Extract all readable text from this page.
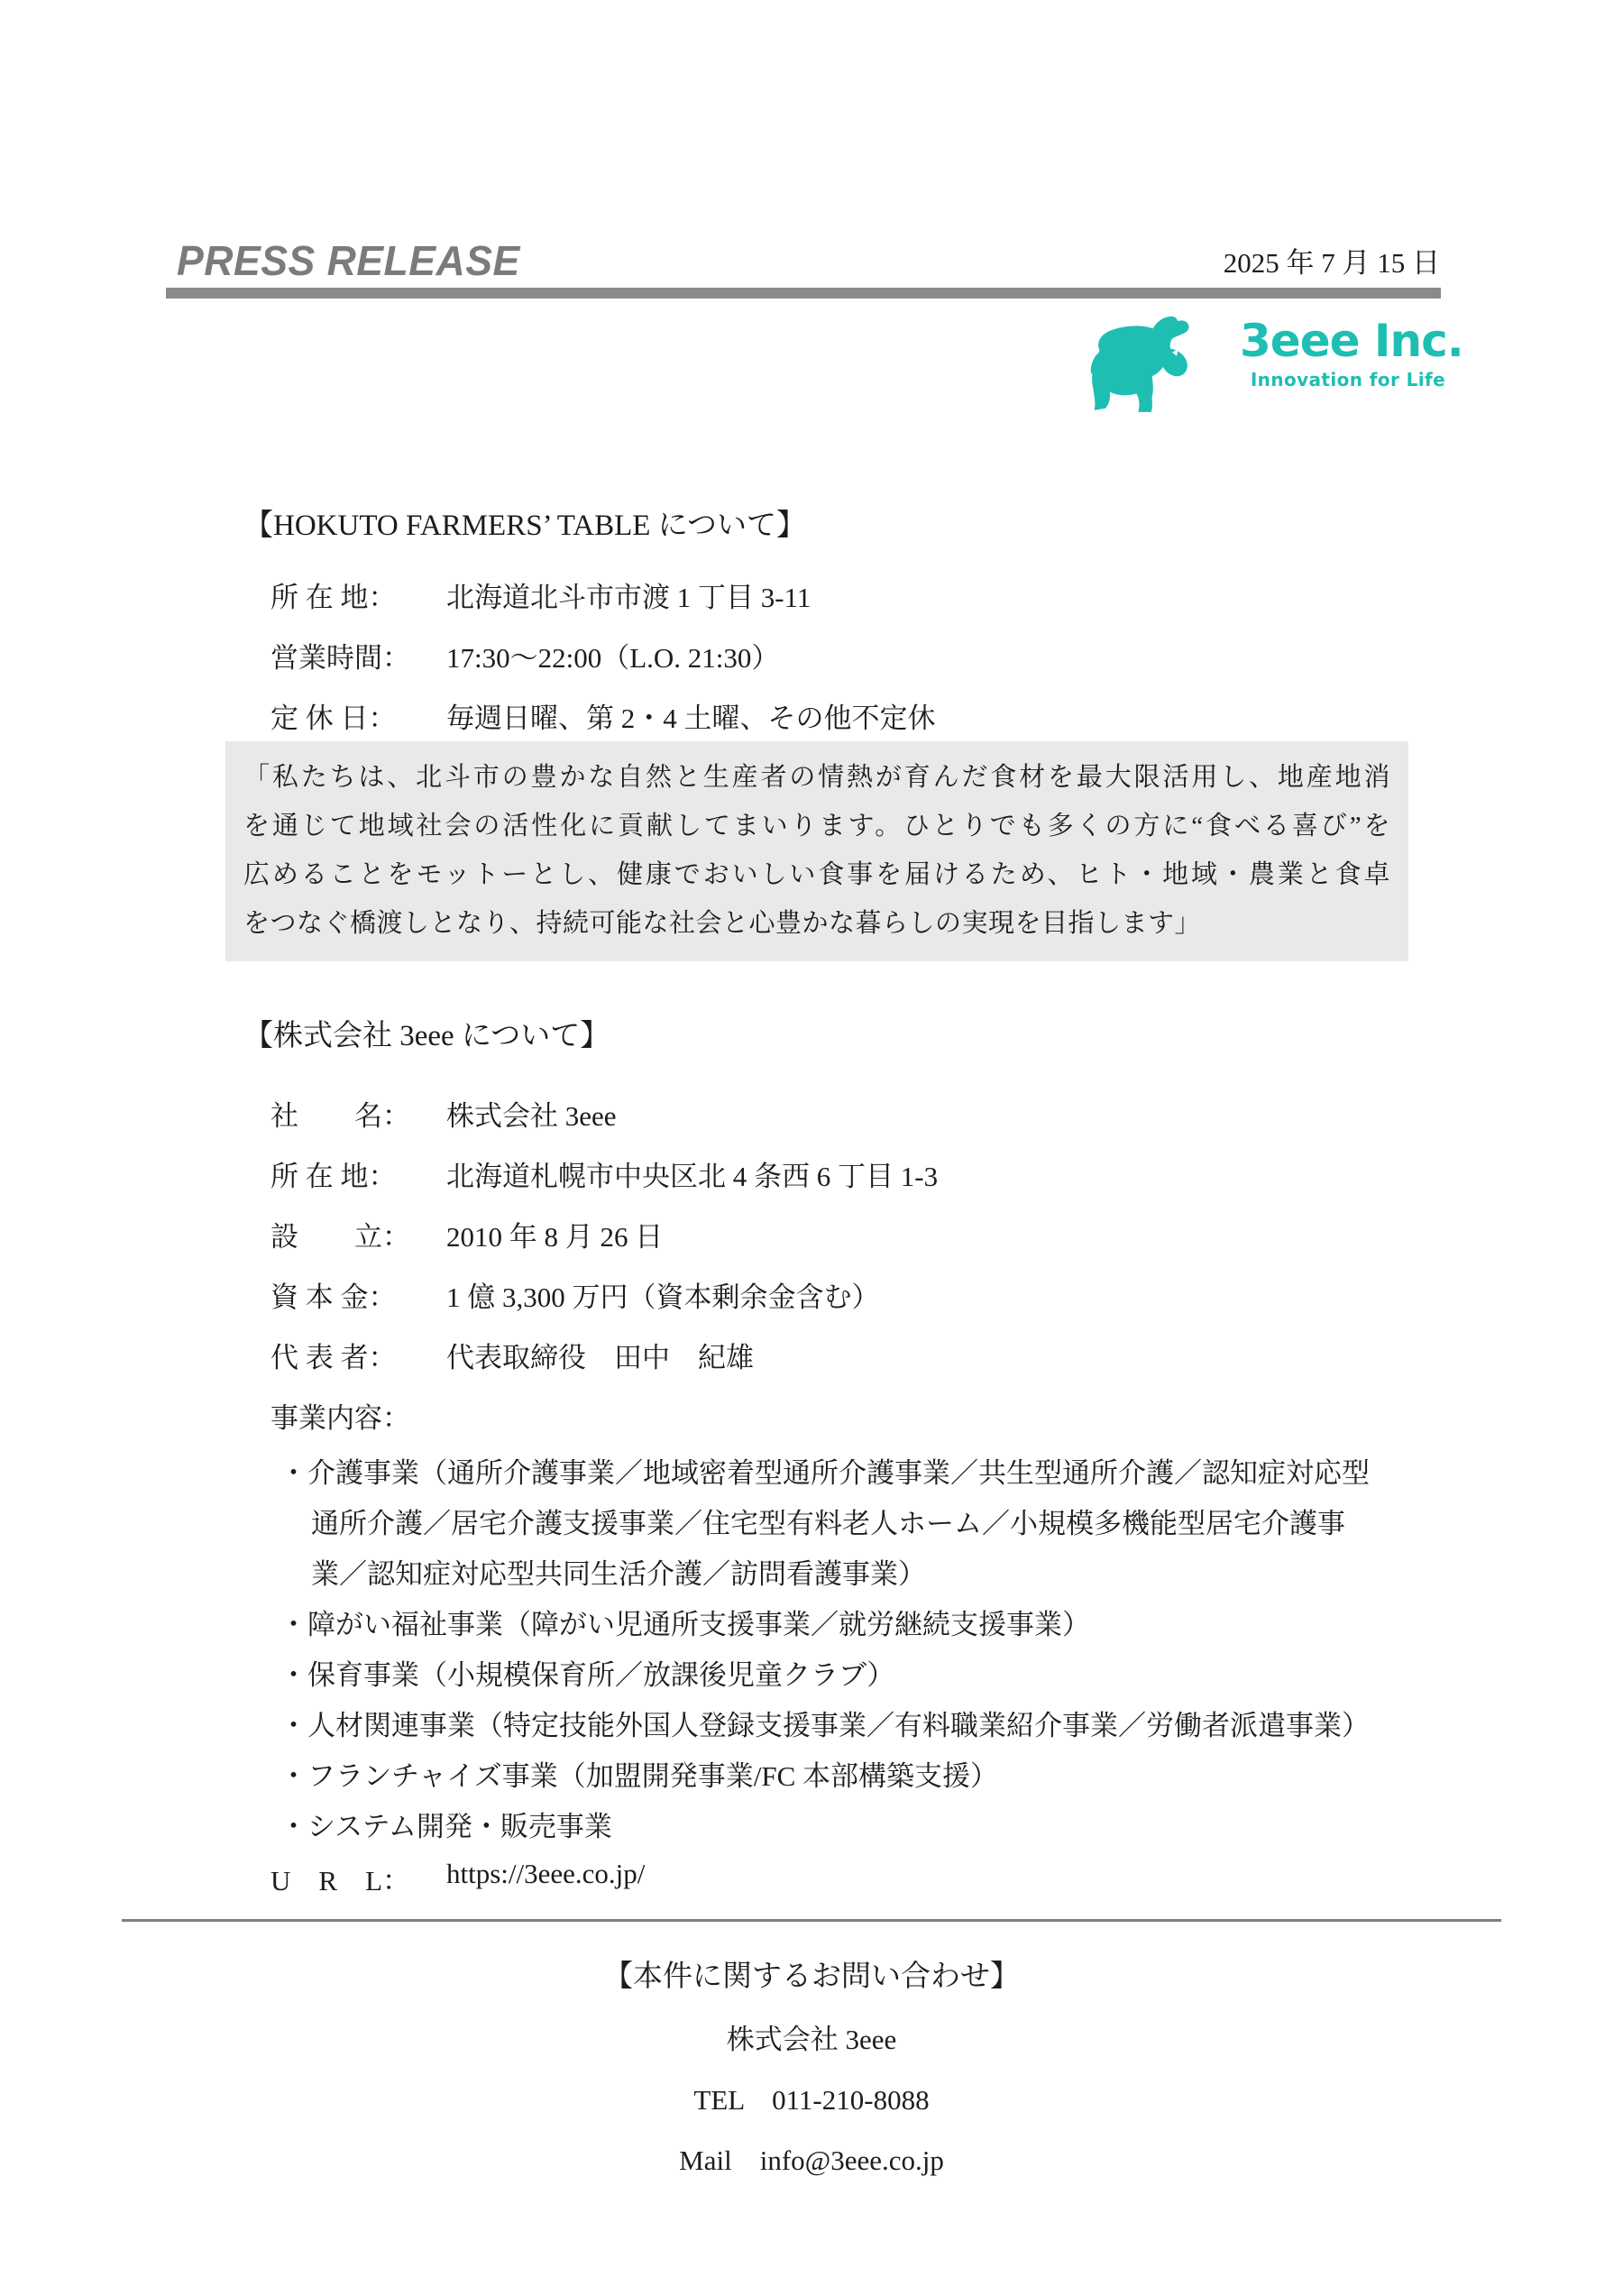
PRESS RELEASE	2025 年 7 月 15 日
3eee Inc.
Innovation for Life
【HOKUTO FARMERS’ TABLE について】
所 在 地：	北海道北斗市市渡 1 丁目 3-11
営業時間：	17:30～22:00（L.O. 21:30）
定 休 日：	毎週日曜、第 2・4 土曜、その他不定休
「私たちは、北斗市の豊かな自然と生産者の情熱が育んだ食材を最大限活用し、地産地消
を通じて地域社会の活性化に貢献してまいります。ひとりでも多くの方に“食べる喜び”を
広めることをモットーとし、健康でおいしい食事を届けるため、ヒト・地域・農業と食卓
をつなぐ橋渡しとなり、持続可能な社会と心豊かな暮らしの実現を目指します」
【株式会社 3eee について】
社　　名：	株式会社 3eee
所 在 地：	北海道札幌市中央区北 4 条西 6 丁目 1-3
設　　立：	2010 年 8 月 26 日
資 本 金：	1 億 3,300 万円（資本剰余金含む）
代 表 者：	代表取締役　田中　紀雄
事業内容：
・介護事業（通所介護事業／地域密着型通所介護事業／共生型通所介護／認知症対応型
通所介護／居宅介護支援事業／住宅型有料老人ホーム／小規模多機能型居宅介護事
業／認知症対応型共同生活介護／訪問看護事業）
・障がい福祉事業（障がい児通所支援事業／就労継続支援事業）
・保育事業（小規模保育所／放課後児童クラブ）
・人材関連事業（特定技能外国人登録支援事業／有料職業紹介事業／労働者派遣事業）
・フランチャイズ事業（加盟開発事業/FC 本部構築支援）
・システム開発・販売事業
U　R　L：	https://3eee.co.jp/
【本件に関するお問い合わせ】
株式会社 3eee
TEL　011-210-8088
Mail　info@3eee.co.jp
